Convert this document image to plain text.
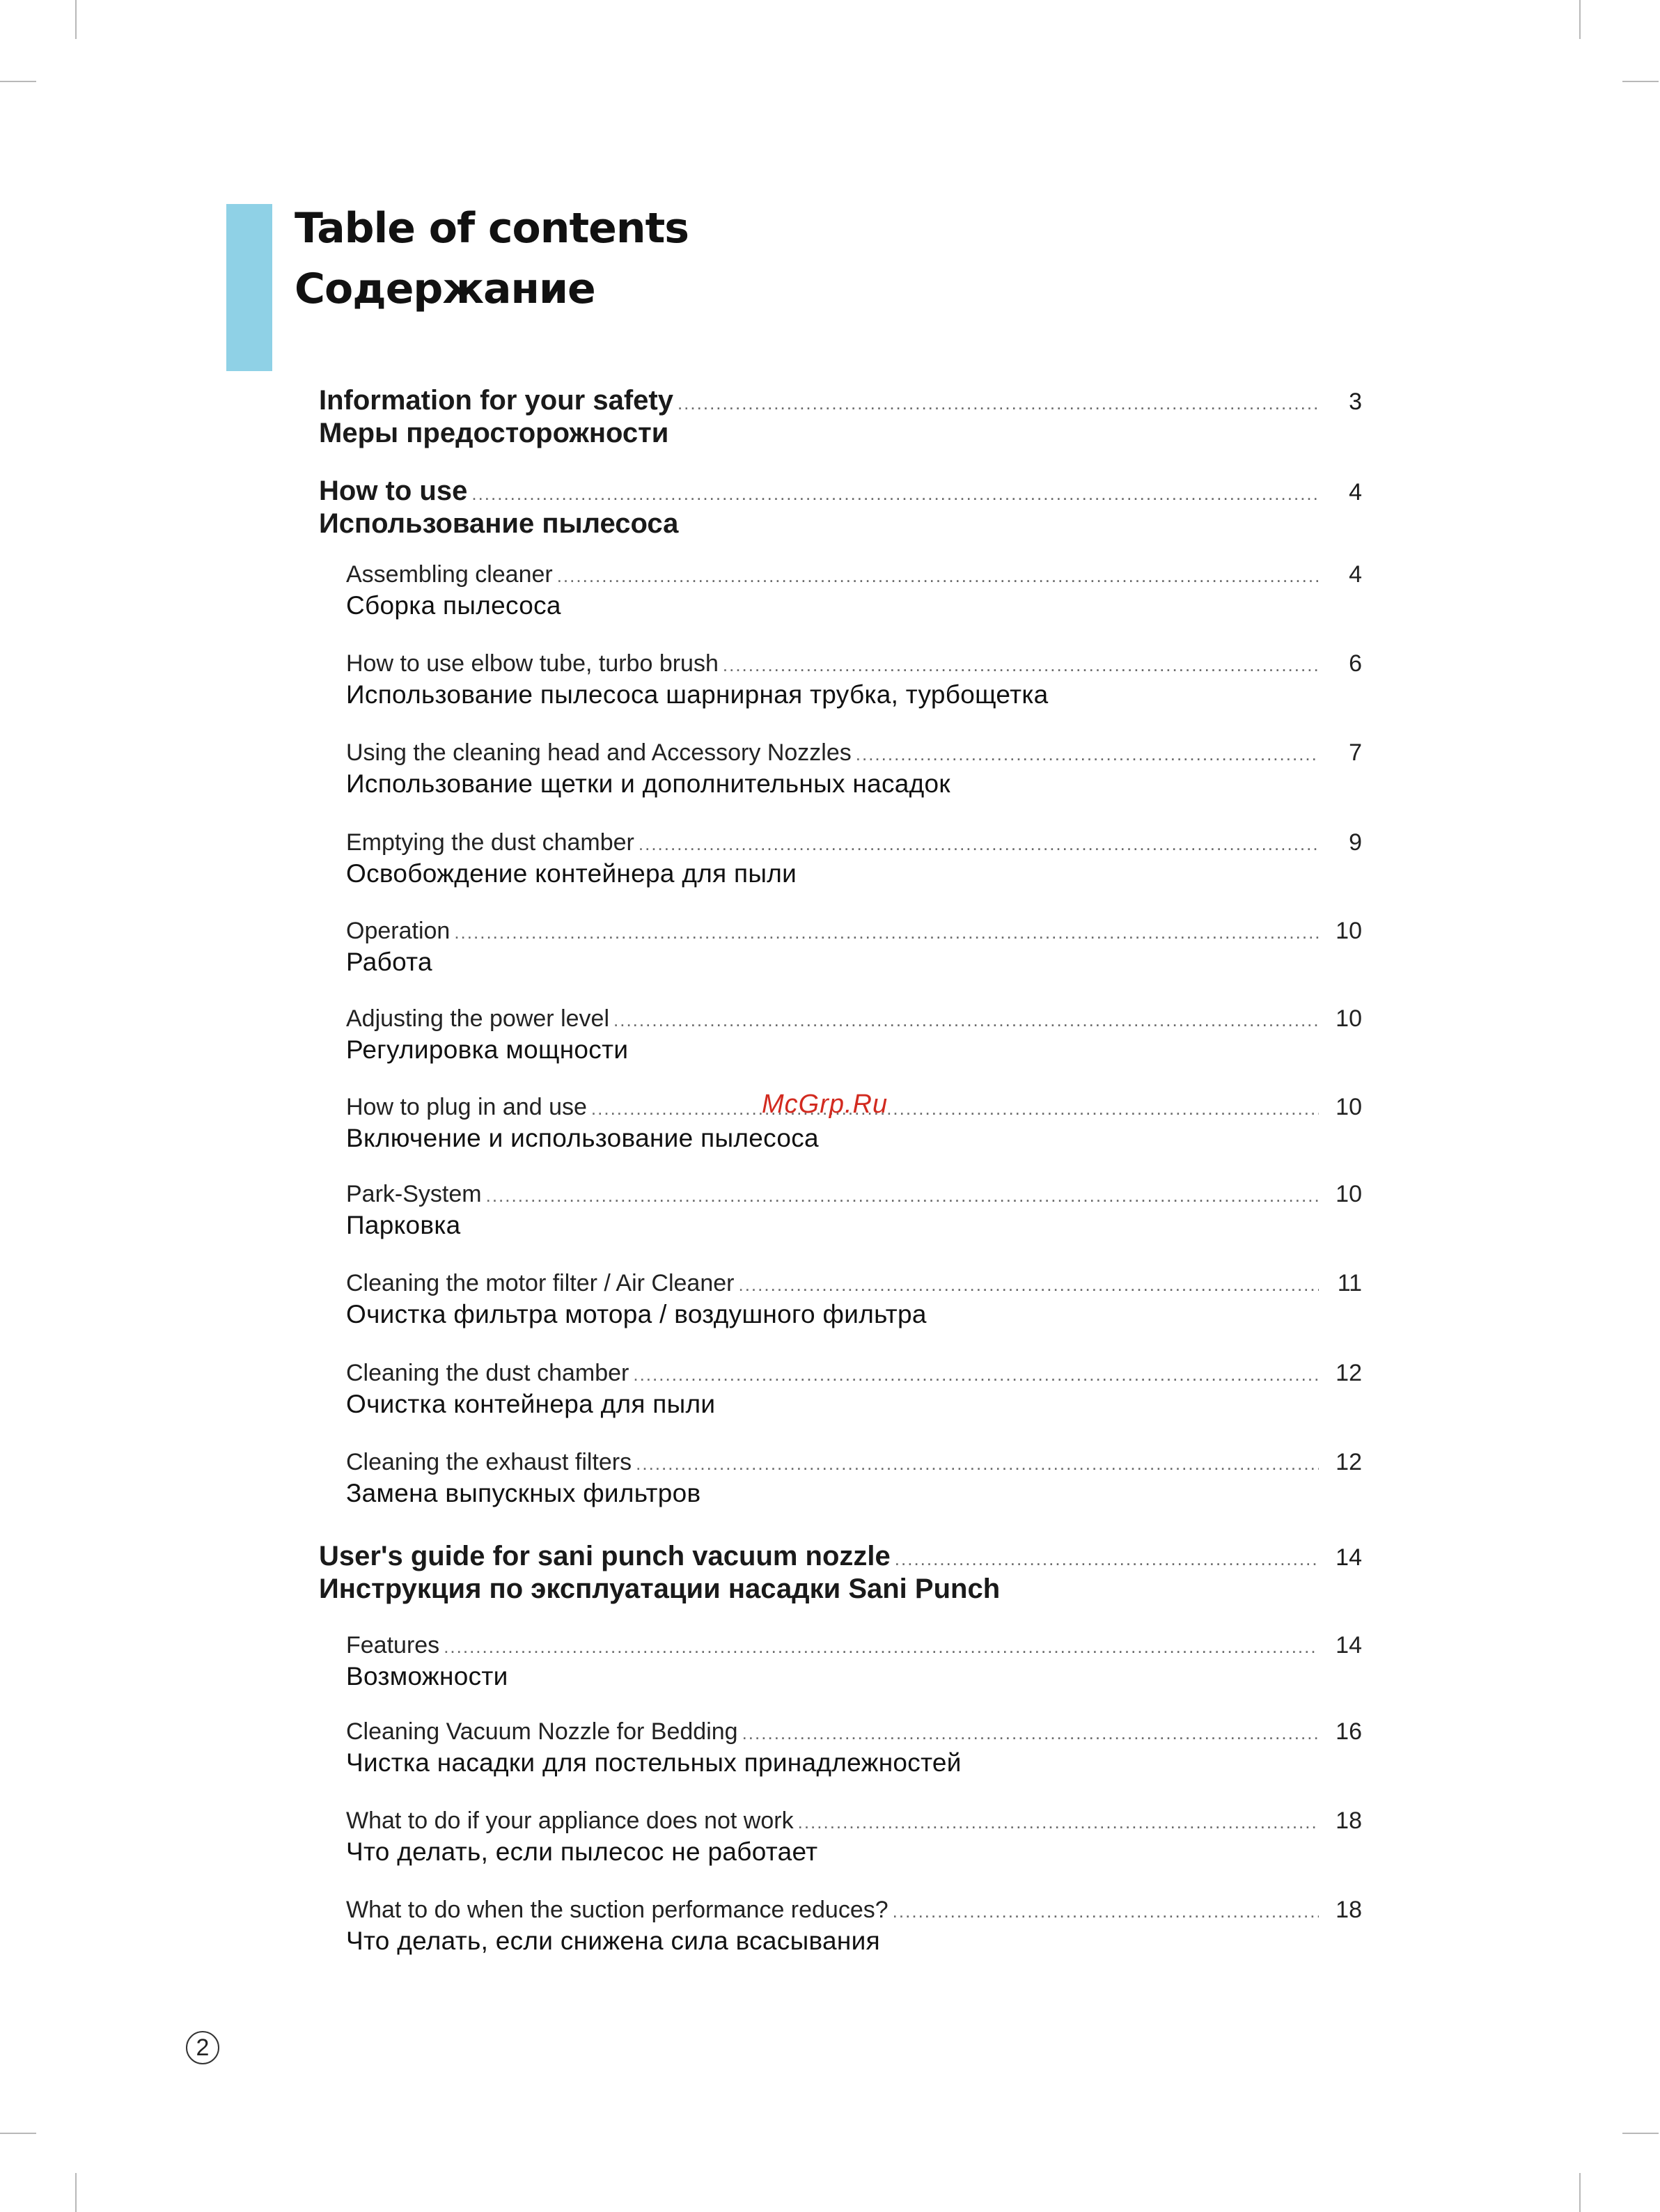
Table of contents
Содержание
Information for your safety .....	3
Меры предосторожности
How to use .....	4
Использование пылесоса
Assembling cleaner .....	4
Сборка пылесоса
How to use elbow tube, turbo brush .....	6
Использование пылесоса шарнирная трубка, турбощетка
Using the cleaning head and Accessory Nozzles .....	7
Использование щетки и дополнительных насадок
Emptying the dust chamber .....	9
Освобождение контейнера для пыли
Operation .....	10
Работа
Adjusting the power level .....	10
Регулировка мощности
How to plug in and use .....	10
Включение и использование пылесоса
Park-System .....	10
Парковка
Cleaning the motor filter / Air Cleaner .....	11
Очистка фильтра мотора / воздушного фильтра
Cleaning the dust chamber .....	12
Очистка контейнера для пыли
Cleaning the exhaust filters .....	12
Замена выпускных фильтров
User's guide for sani punch vacuum nozzle .....	14
Инструкция по эксплуатации насадки Sani Punch
Features .....	14
Возможности
Cleaning Vacuum Nozzle for Bedding .....	16
Чистка насадки для постельных принадлежностей
What to do if your appliance does not work .....	18
Что делать, если пылесос не работает
What to do when the suction performance reduces? .....	18
Что делать, если снижена сила всасывания
McGrp.Ru
2
